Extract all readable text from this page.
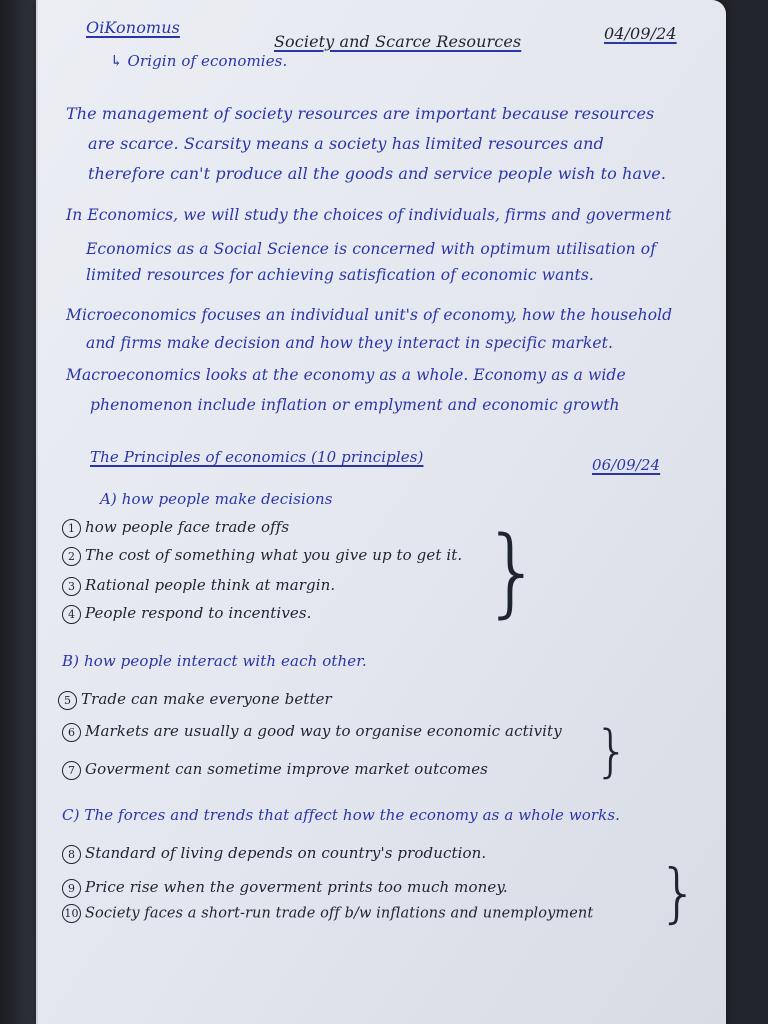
OiKonomus
↳ Origin of economies.
Society and Scarce Resources	04/09/24
The management of society resources are important because resources
are scarce. Scarsity means a society has limited resources and
therefore can't produce all the goods and service people wish to have.
In Economics, we will study the choices of individuals, firms and goverment
Economics as a Social Science is concerned with optimum utilisation of
limited resources for achieving satisfication of economic wants.
Microeconomics focuses an individual unit's of economy, how the household
and firms make decision and how they interact in specific market.
Macroeconomics looks at the economy as a whole. Economy as a wide
phenomenon include inflation or emplyment and economic growth
The Principles of economics (10 principles)	06/09/24
A) how people make decisions
1 how people face trade offs
2 The cost of something what you give up to get it.
3 Rational people think at margin.
4 People respond to incentives. }
B) how people interact with each other.
5 Trade can make everyone better
6 Markets are usually a good way to organise economic activity
7 Goverment can sometime improve market outcomes }
C) The forces and trends that affect how the economy as a whole works.
8 Standard of living depends on country's production.
9 Price rise when the goverment prints too much money.
10 Society faces a short-run trade off b/w inflations and unemployment }
